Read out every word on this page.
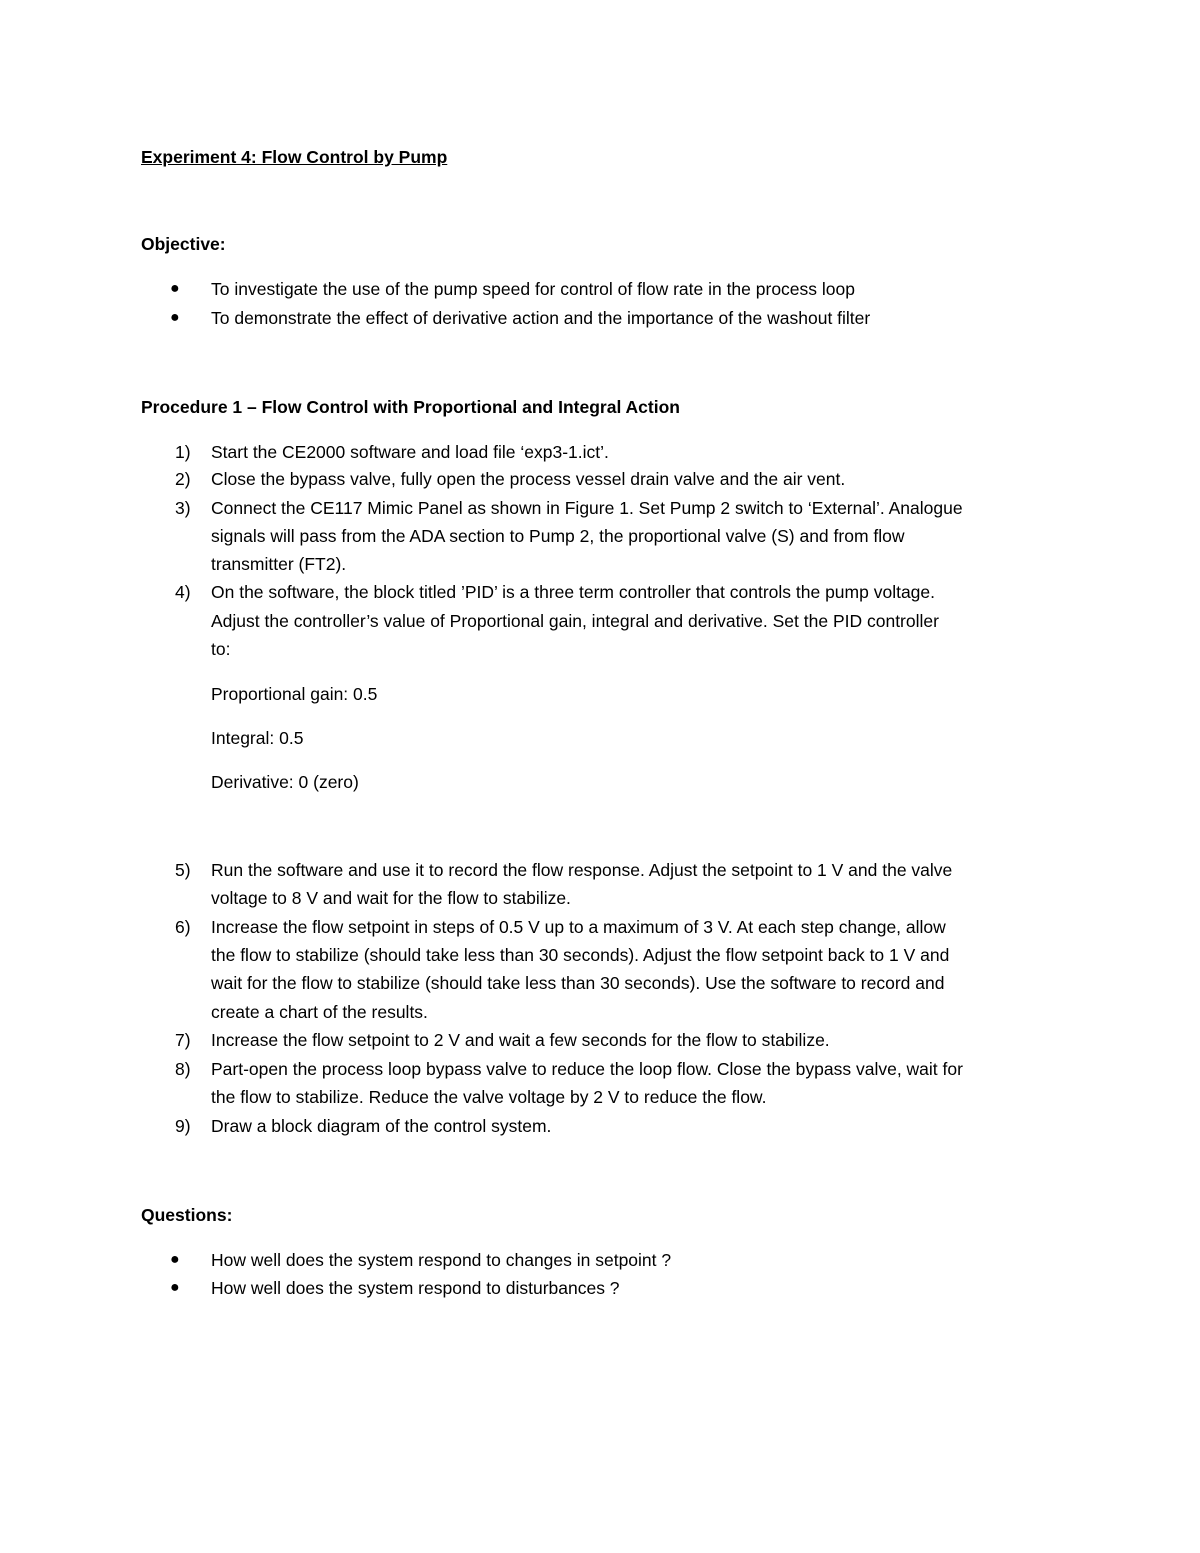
Experiment 4: Flow Control by Pump
Objective:
● To investigate the use of the pump speed for control of flow rate in the process loop
● To demonstrate the effect of derivative action and the importance of the washout filter
Procedure 1 – Flow Control with Proportional and Integral Action
1) Start the CE2000 software and load file ‘exp3-1.ict’.
2) Close the bypass valve, fully open the process vessel drain valve and the air vent.
3) Connect the CE117 Mimic Panel as shown in Figure 1. Set Pump 2 switch to ‘External’. Analogue
signals will pass from the ADA section to Pump 2, the proportional valve (S) and from flow
transmitter (FT2).
4) On the software, the block titled ’PID’ is a three term controller that controls the pump voltage.
Adjust the controller’s value of Proportional gain, integral and derivative. Set the PID controller
to:
Proportional gain: 0.5
Integral: 0.5
Derivative: 0 (zero)
5) Run the software and use it to record the flow response. Adjust the setpoint to 1 V and the valve
voltage to 8 V and wait for the flow to stabilize.
6) Increase the flow setpoint in steps of 0.5 V up to a maximum of 3 V. At each step change, allow
the flow to stabilize (should take less than 30 seconds). Adjust the flow setpoint back to 1 V and
wait for the flow to stabilize (should take less than 30 seconds). Use the software to record and
create a chart of the results.
7) Increase the flow setpoint to 2 V and wait a few seconds for the flow to stabilize.
8) Part-open the process loop bypass valve to reduce the loop flow. Close the bypass valve, wait for
the flow to stabilize. Reduce the valve voltage by 2 V to reduce the flow.
9) Draw a block diagram of the control system.
Questions:
● How well does the system respond to changes in setpoint ?
● How well does the system respond to disturbances ?
